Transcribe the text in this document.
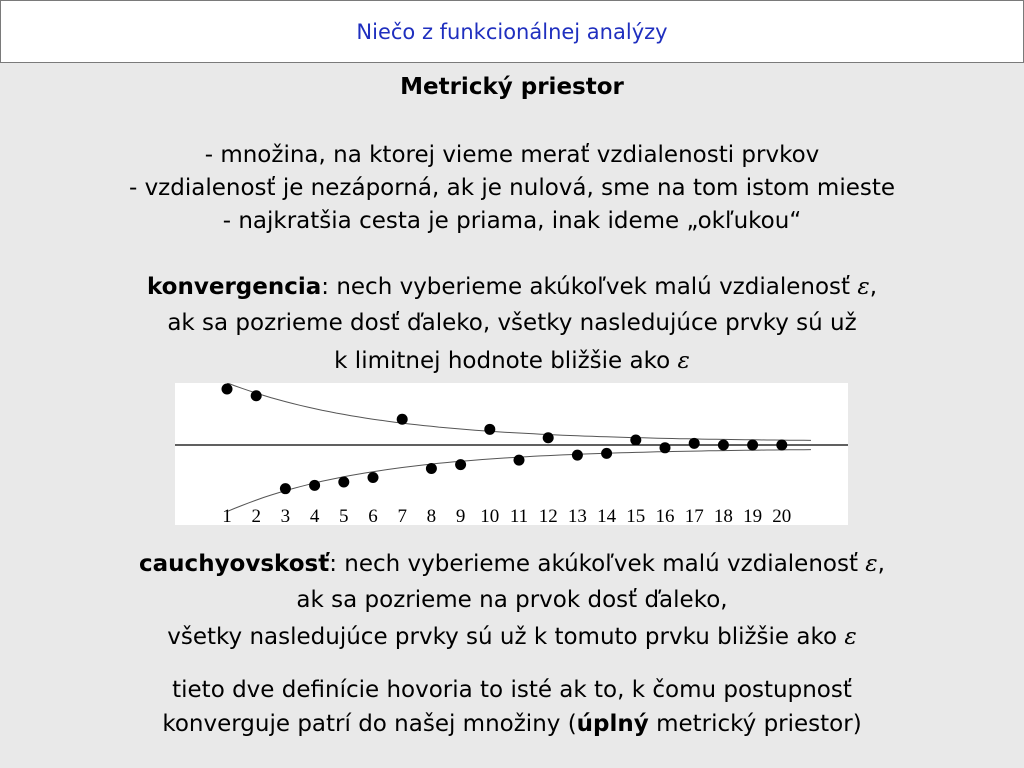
Niečo z funkcionálnej analýzy
Metrický priestor
- množina, na ktorej vieme merať vzdialenosti prvkov
- vzdialenosť je nezáporná, ak je nulová, sme na tom istom mieste
- najkratšia cesta je priama, inak ideme „okľukou“
konvergencia: nech vyberieme akúkoľvek malú vzdialenosť ε,
ak sa pozrieme dosť ďaleko, všetky nasledujúce prvky sú už
k limitnej hodnote bližšie ako ε
1 2 3 4 5 6 7 8 9 10 11 12 13 14 15 16 17 18 19 20
cauchyovskosť: nech vyberieme akúkoľvek malú vzdialenosť ε,
ak sa pozrieme na prvok dosť ďaleko,
všetky nasledujúce prvky sú už k tomuto prvku bližšie ako ε
tieto dve definície hovoria to isté ak to, k čomu postupnosť
konverguje patrí do našej množiny (úplný metrický priestor)
